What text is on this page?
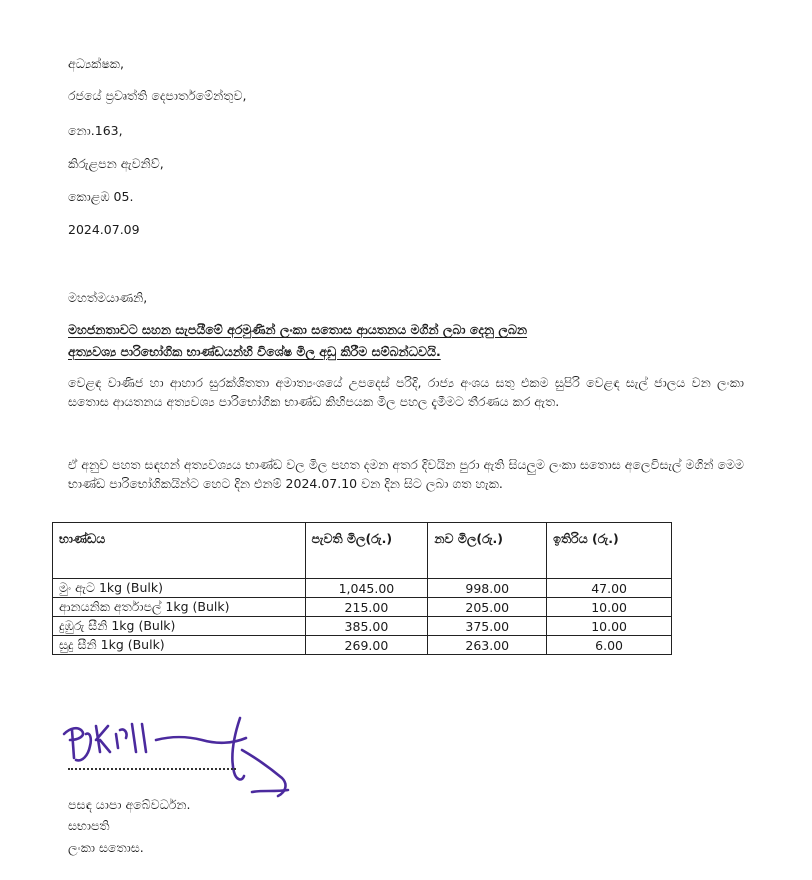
අධ්‍යක්ෂක,
රජයේ ප්‍රවෘත්ති දෙපාර්තමේන්තුව,
නො.163,
කිරුළපන ඇවනිව්,
කොළඹ 05.
2024.07.09
මහත්මයාණනි,
මහජනතාවට සහන සැපයීමේ අරමුණින් ලංකා සතොස ආයතනය මගින් ලබා දෙනු ලබන
අත්‍යවශ්‍ය පාරිභෝගික භාණ්ඩයන්හි විශේෂ මිල අඩු කිරීම සම්බන්ධවයි.
වෙළඳ වාණිජ හා ආහාර සුරක්ශිතතා අමාත්‍යංශයේ උපදෙස් පරිදි, රාජ්‍ය අංශය සතු එකම සුපිරි වෙළඳ සැල් ජාලය වන ලංකා සතොස ආයතනය අත්‍යවශ්‍ය පාරිභෝගික භාණ්ඩ කිහිපයක මිල පහල දැමීමට තීරණය කර ඇත.
ඒ අනුව පහත සඳහන් අත්‍යවශ්‍යය භාණ්ඩ වල මිල පහත දමන අතර දිවයින පුරා ඇති සියලුම ලංකා සතොස අලෙවිසැල් මගින් මෙම භාණ්ඩ පාරිභෝගිකයින්ට හෙට දින එනම් 2024.07.10 වන දින සිට ලබා ගත හැක.
භාණ්ඩය	පැවති මිල(රු.)	නව මිල(රු.)	ඉතිරිය (රු.)
මුං ඇට 1kg (Bulk)	1,045.00	998.00	47.00
ආනයනික අර්තාපල් 1kg (Bulk)	215.00	205.00	10.00
දුඹුරු සීනි 1kg (Bulk)	385.00	375.00	10.00
සුදු සීනි 1kg (Bulk)	269.00	263.00	6.00
පසඳ යාපා අබේවර්ධන.
සභාපති
ලංකා සතොස.
